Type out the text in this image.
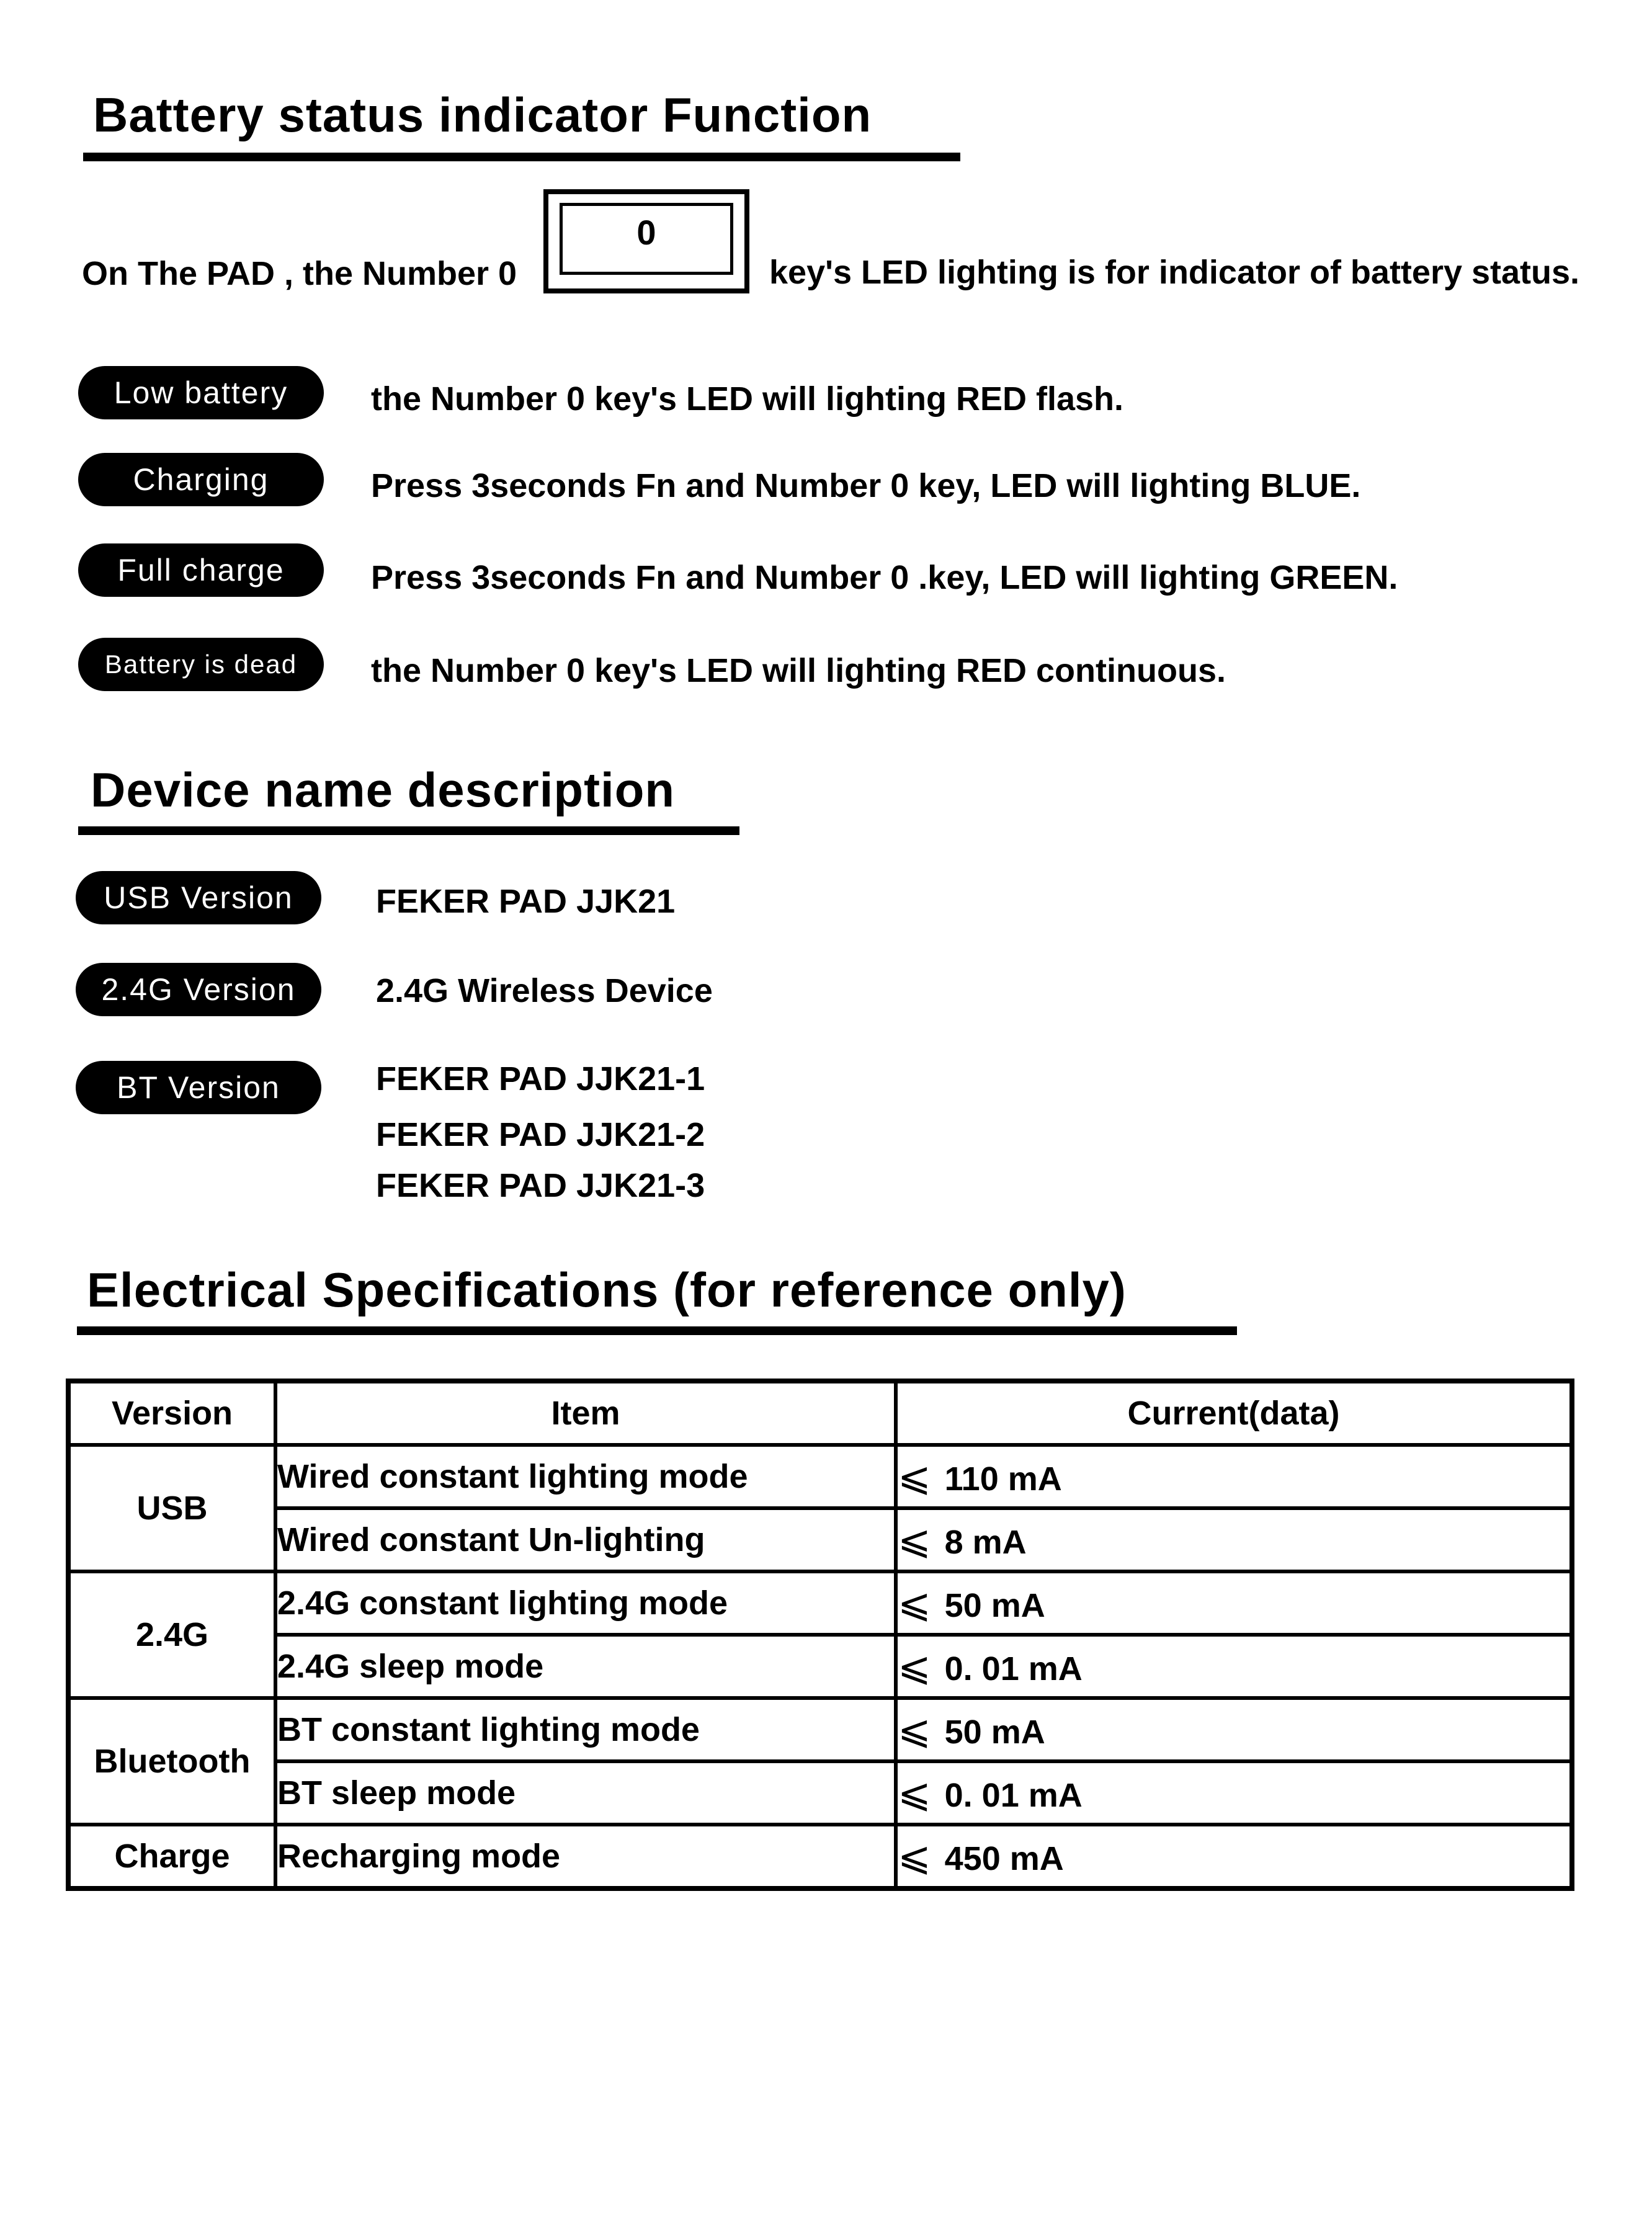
Battery status indicator Function
On The PAD , the Number 0
0
key's LED lighting is for indicator of battery status.
Low battery	the Number 0 key's LED will lighting RED flash.
Charging	Press 3seconds Fn and Number 0 key, LED will lighting BLUE.
Full charge	Press 3seconds Fn and Number 0 .key, LED will lighting GREEN.
Battery is dead	the Number 0 key's LED will lighting RED continuous.
Device name description
USB Version	FEKER PAD JJK21
2.4G Version	2.4G Wireless Device
BT Version	FEKER PAD JJK21-1
FEKER PAD JJK21-2
FEKER PAD JJK21-3
Electrical Specifications (for reference only)
Version	Item	Current(data)
USB	Wired constant lighting mode	⩽ 110 mA
	Wired constant Un-lighting	⩽ 8 mA
2.4G	2.4G constant lighting mode	⩽ 50 mA
	2.4G sleep mode	⩽ 0. 01 mA
Bluetooth	BT constant lighting mode	⩽ 50 mA
	BT sleep mode	⩽ 0. 01 mA
Charge	Recharging mode	⩽ 450 mA
